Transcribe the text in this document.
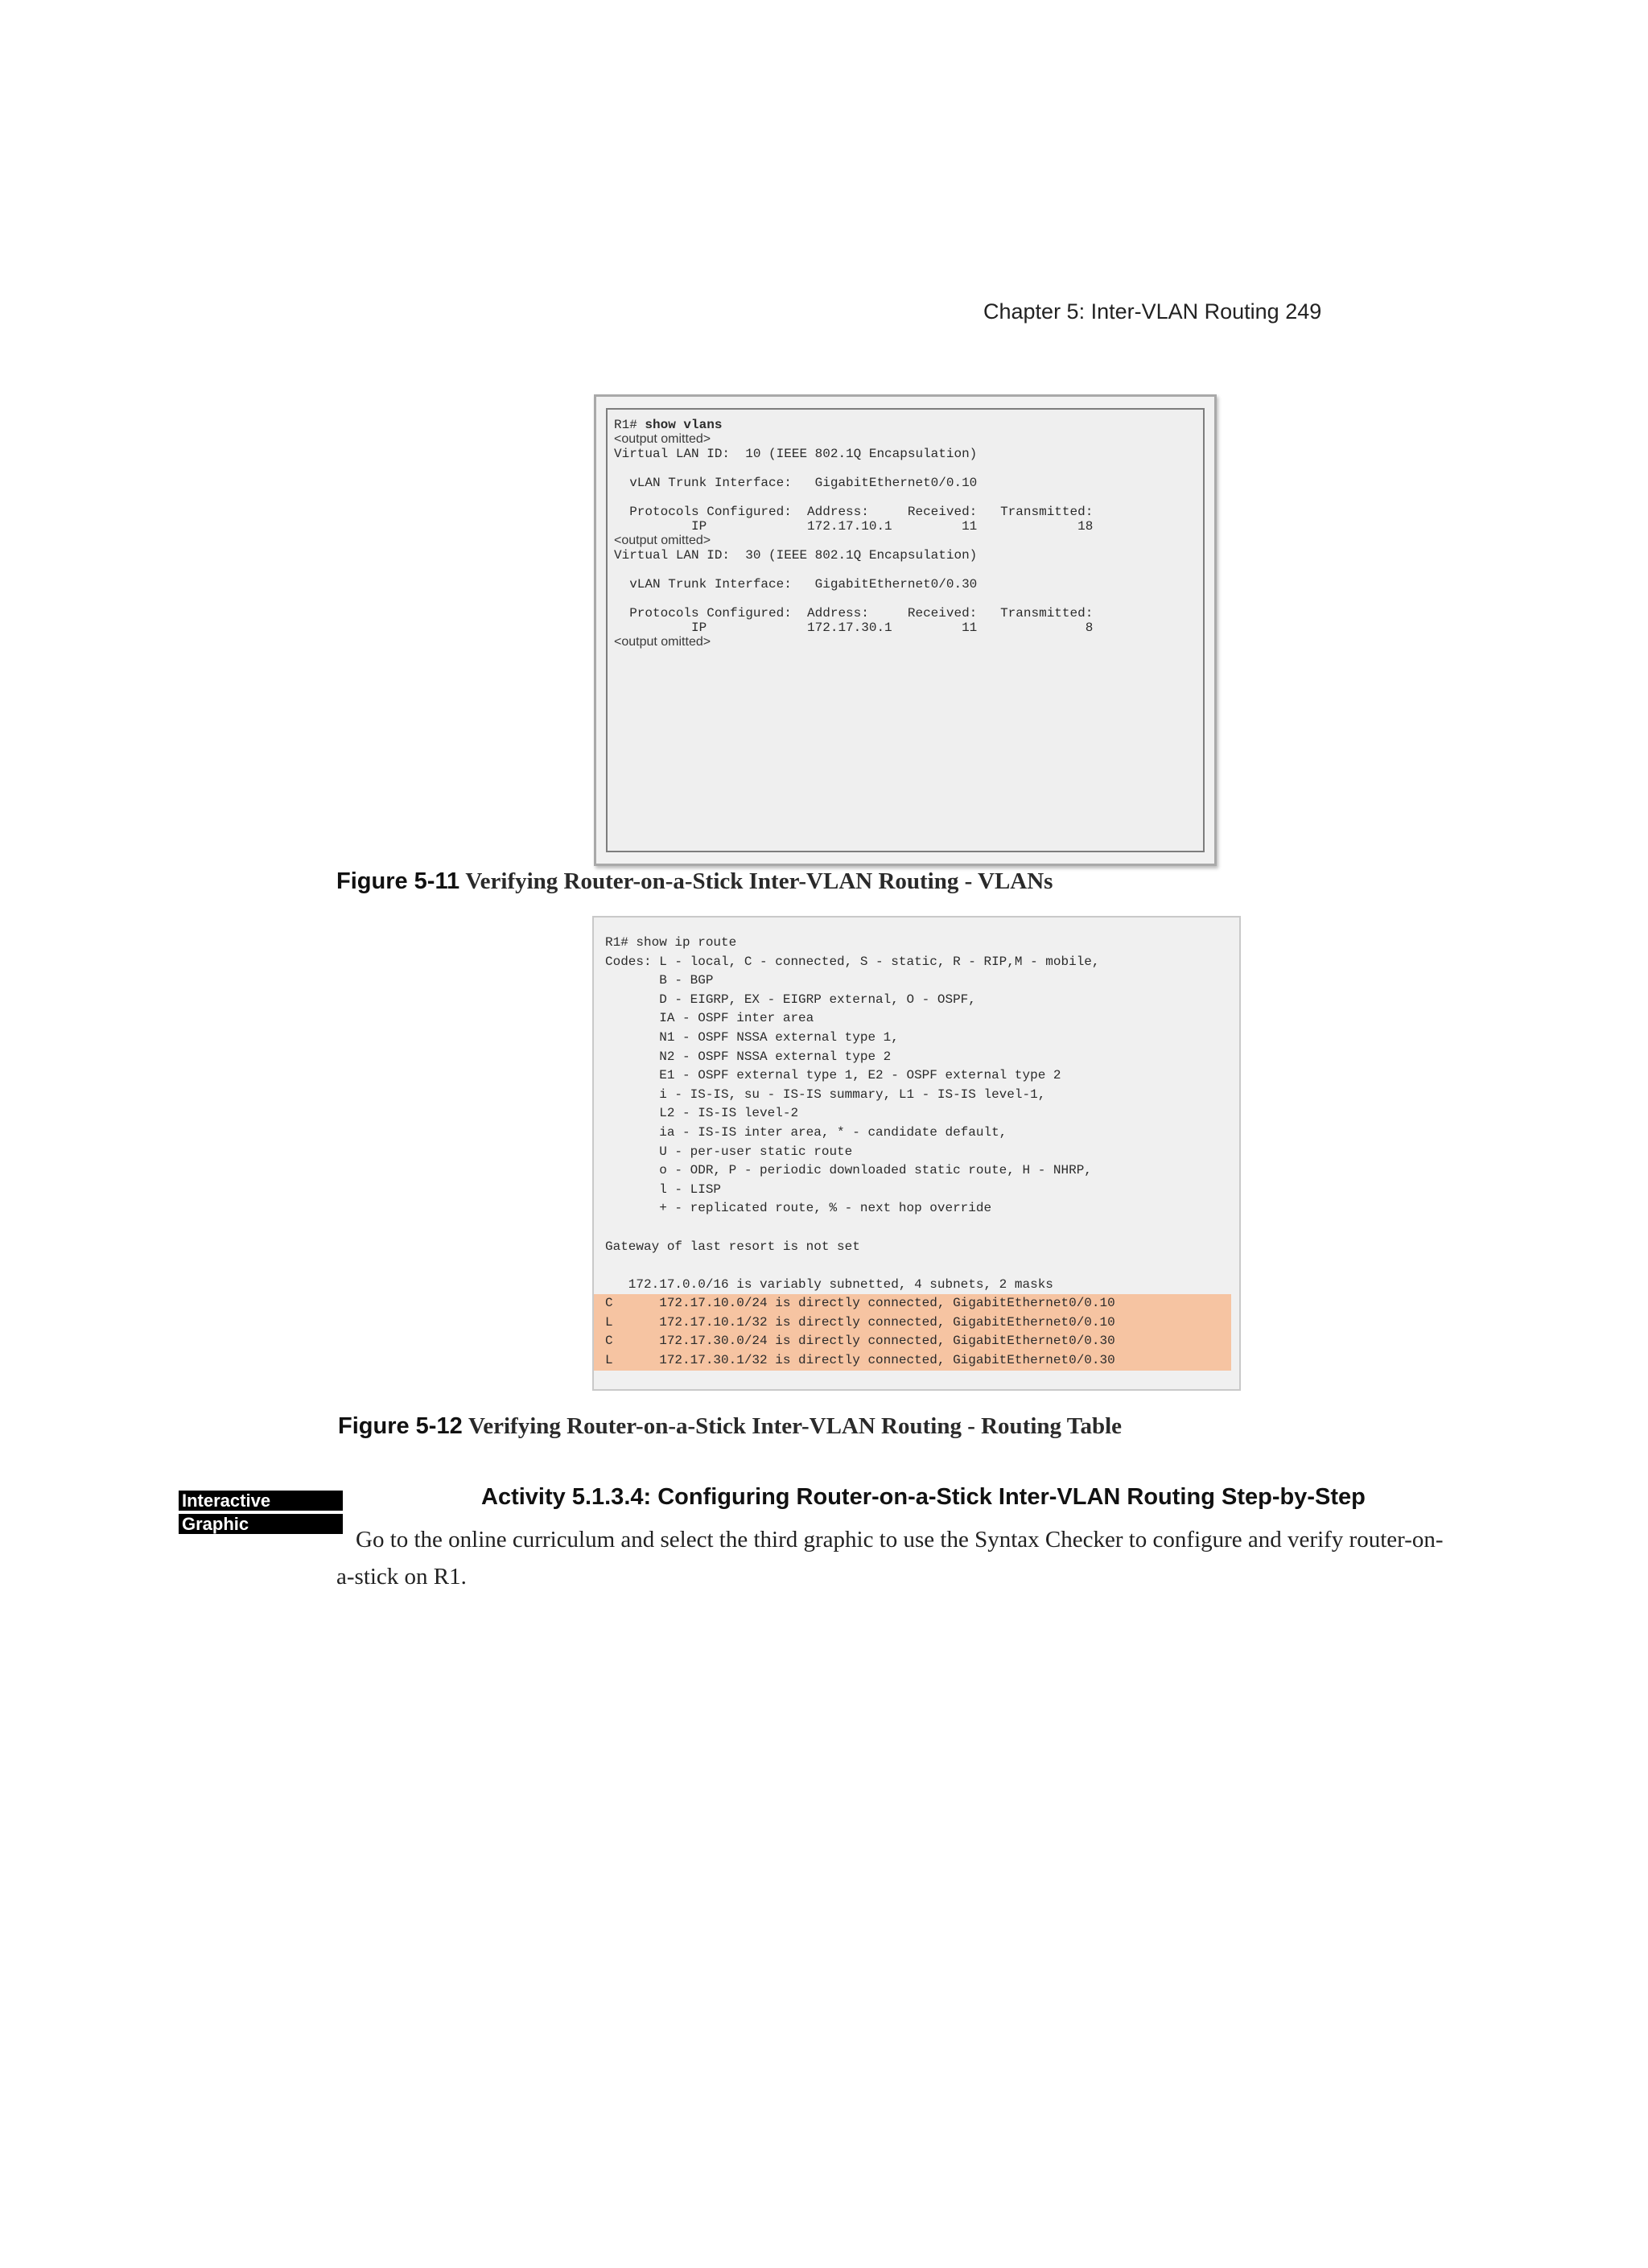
Chapter 5: Inter-VLAN Routing 249
R1# show vlans
<output omitted>
Virtual LAN ID:  10 (IEEE 802.1Q Encapsulation)

vLAN Trunk Interface:   GigabitEthernet0/0.10

Protocols Configured:  Address:     Received:   Transmitted:
IP             172.17.10.1         11             18
<output omitted>
Virtual LAN ID:  30 (IEEE 802.1Q Encapsulation)

vLAN Trunk Interface:   GigabitEthernet0/0.30

Protocols Configured:  Address:     Received:   Transmitted:
IP             172.17.30.1         11              8
<output omitted>
Figure 5-11 Verifying Router-on-a-Stick Inter-VLAN Routing - VLANs
R1# show ip route
Codes: L - local, C - connected, S - static, R - RIP,M - mobile,
B - BGP
D - EIGRP, EX - EIGRP external, O - OSPF,
IA - OSPF inter area
N1 - OSPF NSSA external type 1,
N2 - OSPF NSSA external type 2
E1 - OSPF external type 1, E2 - OSPF external type 2
i - IS-IS, su - IS-IS summary, L1 - IS-IS level-1,
L2 - IS-IS level-2
ia - IS-IS inter area, * - candidate default,
U - per-user static route
o - ODR, P - periodic downloaded static route, H - NHRP,
l - LISP
+ - replicated route, % - next hop override

Gateway of last resort is not set

172.17.0.0/16 is variably subnetted, 4 subnets, 2 masks
C      172.17.10.0/24 is directly connected, GigabitEthernet0/0.10
L      172.17.10.1/32 is directly connected, GigabitEthernet0/0.10
C      172.17.30.0/24 is directly connected, GigabitEthernet0/0.30
L      172.17.30.1/32 is directly connected, GigabitEthernet0/0.30
Figure 5-12 Verifying Router-on-a-Stick Inter-VLAN Routing - Routing Table
Interactive
Graphic
Activity 5.1.3.4: Configuring Router-on-a-Stick Inter-VLAN Routing Step-by-Step
Go to the online curriculum and select the third graphic to use the Syntax Checker to configure and verify router-on-a-stick on R1.
